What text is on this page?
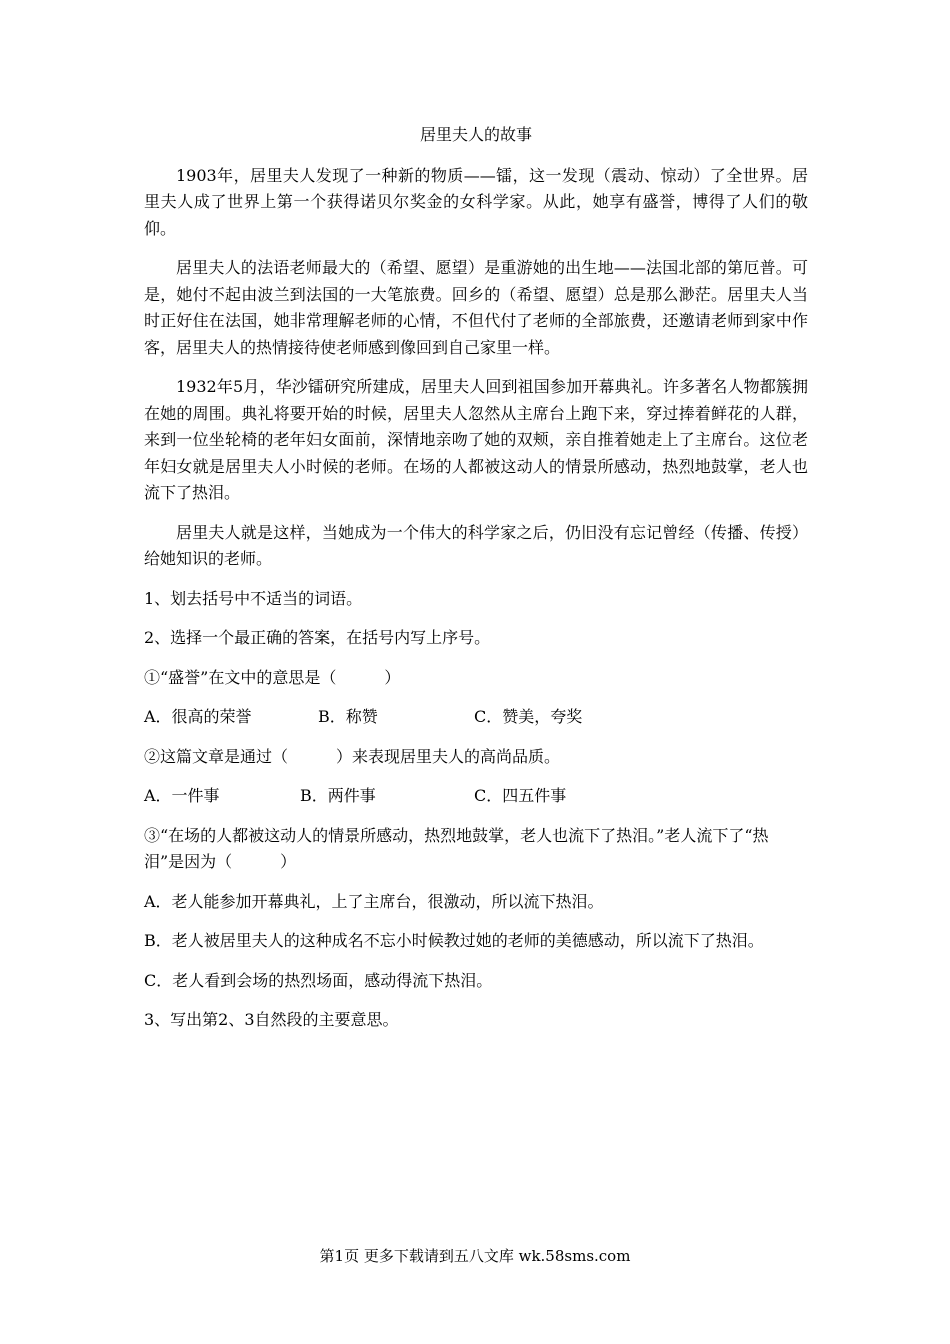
居里夫人的故事

1903年，居里夫人发现了一种新的物质——镭，这一发现（震动、惊动）了全世界。居里夫人成了世界上第一个获得诺贝尔奖金的女科学家。从此，她享有盛誉，博得了人们的敬仰。

居里夫人的法语老师最大的（希望、愿望）是重游她的出生地——法国北部的第厄普。可是，她付不起由波兰到法国的一大笔旅费。回乡的（希望、愿望）总是那么渺茫。居里夫人当时正好住在法国，她非常理解老师的心情，不但代付了老师的全部旅费，还邀请老师到家中作客，居里夫人的热情接待使老师感到像回到自己家里一样。

1932年5月，华沙镭研究所建成，居里夫人回到祖国参加开幕典礼。许多著名人物都簇拥在她的周围。典礼将要开始的时候，居里夫人忽然从主席台上跑下来，穿过捧着鲜花的人群，来到一位坐轮椅的老年妇女面前，深情地亲吻了她的双颊，亲自推着她走上了主席台。这位老年妇女就是居里夫人小时候的老师。在场的人都被这动人的情景所感动，热烈地鼓掌，老人也流下了热泪。

居里夫人就是这样，当她成为一个伟大的科学家之后，仍旧没有忘记曾经（传播、传授）给她知识的老师。

1、划去括号中不适当的词语。
2、选择一个最正确的答案，在括号内写上序号。
①“盛誉”在文中的意思是（　　　）
A．很高的荣誉	B．称赞	C．赞美，夸奖
②这篇文章是通过（　　　）来表现居里夫人的高尚品质。
A．一件事	B．两件事	C．四五件事
③“在场的人都被这动人的情景所感动，热烈地鼓掌，老人也流下了热泪。”老人流下了“热泪”是因为（　　　）
A．老人能参加开幕典礼，上了主席台，很激动，所以流下热泪。
B．老人被居里夫人的这种成名不忘小时候教过她的老师的美德感动，所以流下了热泪。
C．老人看到会场的热烈场面，感动得流下热泪。
3、写出第2、3自然段的主要意思。
第1页 更多下载请到五八文库 wk.58sms.com
